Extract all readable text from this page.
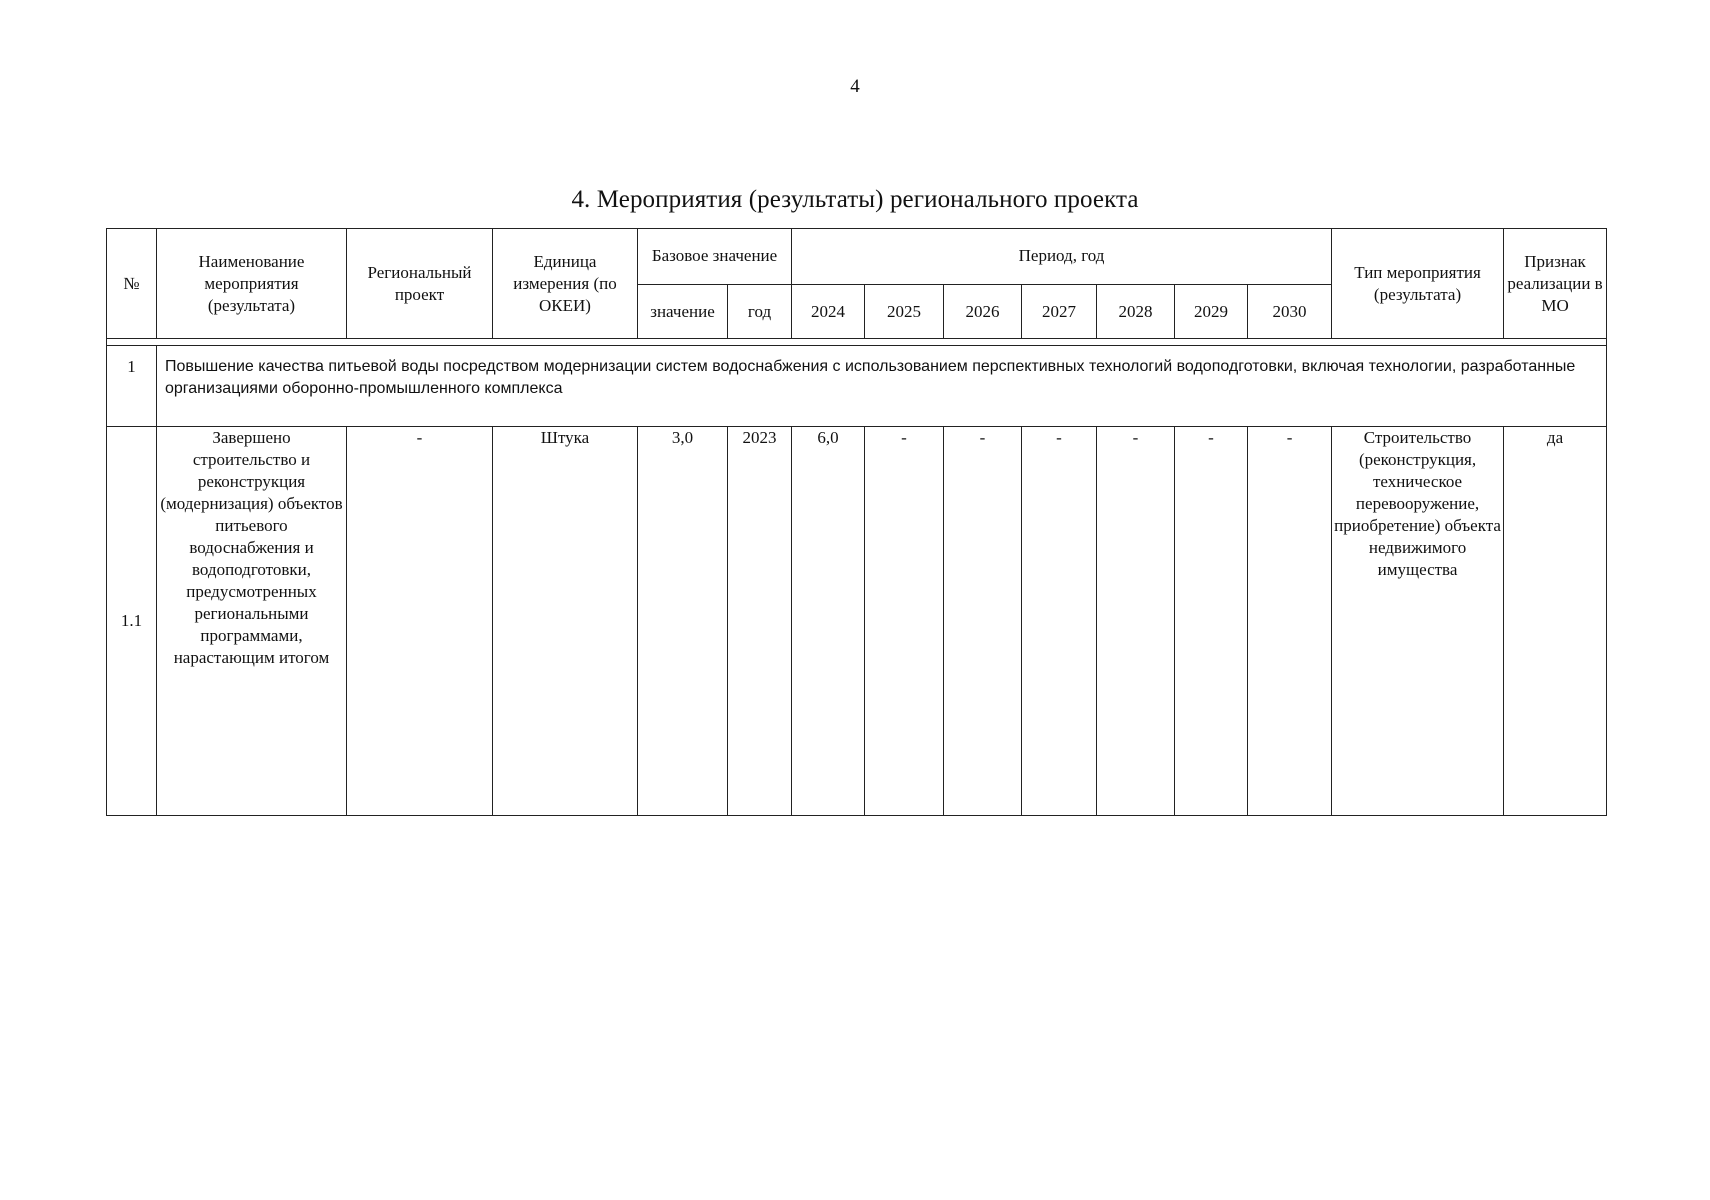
4
4. Мероприятия (результаты) регионального проекта
№	Наименование мероприятия (результата)	Региональный проект	Единица измерения (по ОКЕИ)	Базовое значение		Период, год							Тип мероприятия (результата)	Признак реализации в МО
				значение	год	2024	2025	2026	2027	2028	2029	2030		

1	Повышение качества питьевой воды посредством модернизации систем водоснабжения с использованием перспективных технологий водоподготовки, включая технологии, разработанные организациями оборонно-промышленного комплекса													
1.1	Завершено строительство и реконструкция (модернизация) объектов питьевого водоснабжения и водоподготовки, предусмотренных региональными программами, нарастающим итогом	-	Штука	3,0	2023	6,0	-	-	-	-	-	-	Строительство (реконструкция, техническое перевооружение, приобретение) объекта недвижимого имущества	да
